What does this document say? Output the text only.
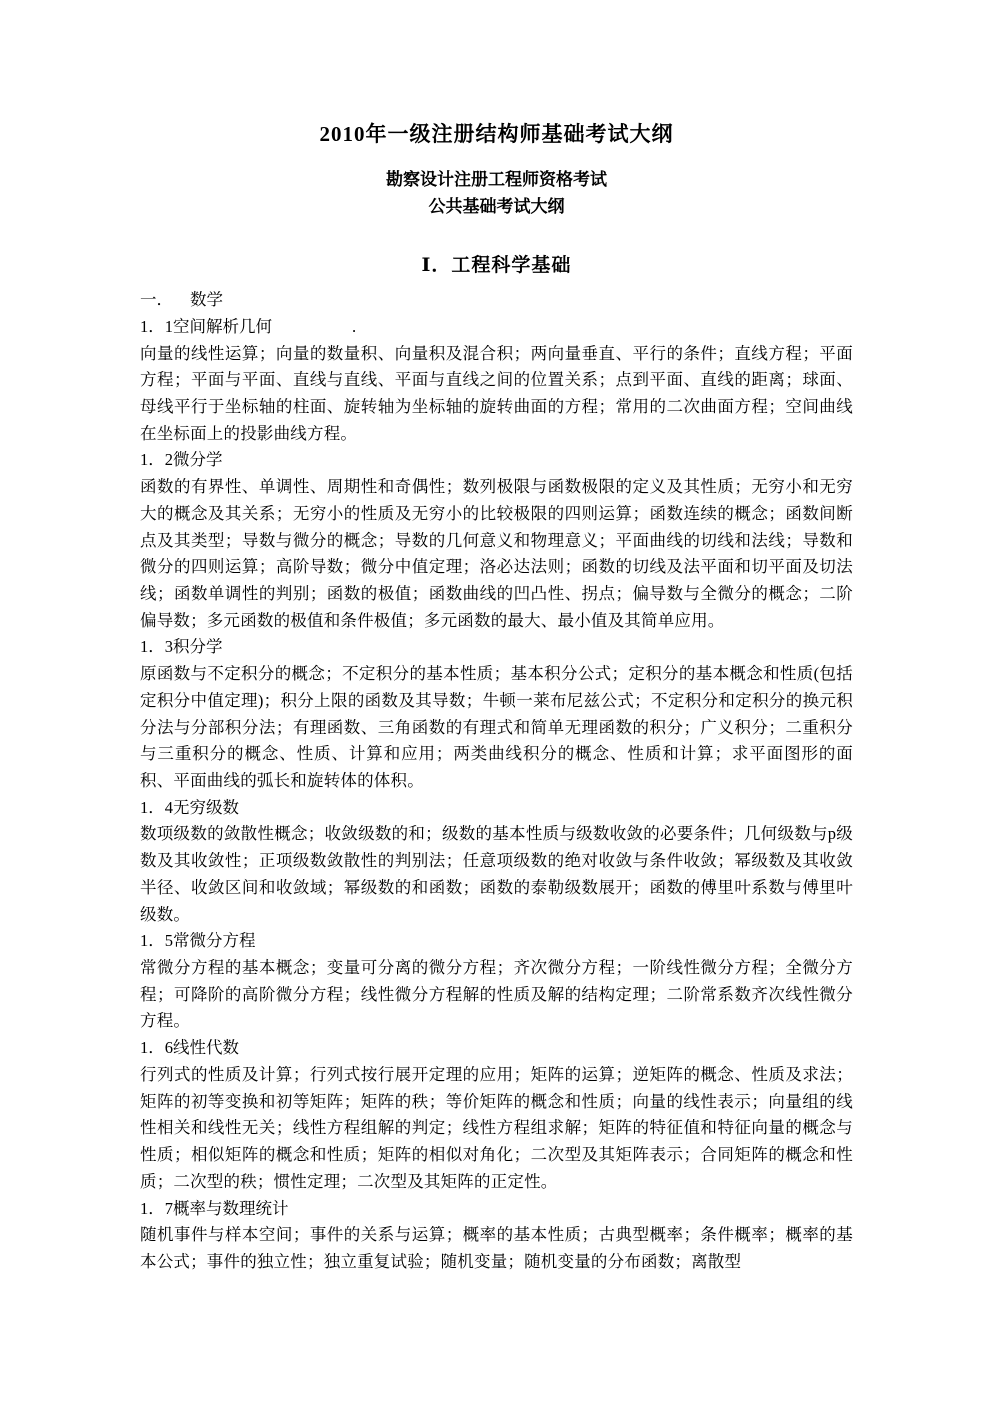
2010年一级注册结构师基础考试大纲
勘察设计注册工程师资格考试
公共基础考试大纲
Ⅰ．工程科学基础

一． 数学

1．1空间解析几何	.

向量的线性运算；向量的数量积、向量积及混合积；两向量垂直、平行的条件；直线方程；平面方程；平面与平面、直线与直线、平面与直线之间的位置关系；点到平面、直线的距离；球面、母线平行于坐标轴的柱面、旋转轴为坐标轴的旋转曲面的方程；常用的二次曲面方程；空间曲线在坐标面上的投影曲线方程。

1．2微分学

函数的有界性、单调性、周期性和奇偶性；数列极限与函数极限的定义及其性质；无穷小和无穷大的概念及其关系；无穷小的性质及无穷小的比较极限的四则运算；函数连续的概念；函数间断点及其类型；导数与微分的概念；导数的几何意义和物理意义；平面曲线的切线和法线；导数和微分的四则运算；高阶导数；微分中值定理；洛必达法则；函数的切线及法平面和切平面及切法线；函数单调性的判别；函数的极值；函数曲线的凹凸性、拐点；偏导数与全微分的概念；二阶偏导数；多元函数的极值和条件极值；多元函数的最大、最小值及其简单应用。

1．3积分学

原函数与不定积分的概念；不定积分的基本性质；基本积分公式；定积分的基本概念和性质(包括定积分中值定理)；积分上限的函数及其导数；牛顿一莱布尼兹公式；不定积分和定积分的换元积分法与分部积分法；有理函数、三角函数的有理式和简单无理函数的积分；广义积分；二重积分与三重积分的概念、性质、计算和应用；两类曲线积分的概念、性质和计算；求平面图形的面积、平面曲线的弧长和旋转体的体积。

1．4无穷级数

数项级数的敛散性概念；收敛级数的和；级数的基本性质与级数收敛的必要条件；几何级数与p级数及其收敛性；正项级数敛散性的判别法；任意项级数的绝对收敛与条件收敛；幂级数及其收敛半径、收敛区间和收敛域；幂级数的和函数；函数的泰勒级数展开；函数的傅里叶系数与傅里叶级数。

1．5常微分方程

常微分方程的基本概念；变量可分离的微分方程；齐次微分方程；一阶线性微分方程；全微分方程；可降阶的高阶微分方程；线性微分方程解的性质及解的结构定理；二阶常系数齐次线性微分方程。

1．6线性代数

行列式的性质及计算；行列式按行展开定理的应用；矩阵的运算；逆矩阵的概念、性质及求法；矩阵的初等变换和初等矩阵；矩阵的秩；等价矩阵的概念和性质；向量的线性表示；向量组的线性相关和线性无关；线性方程组解的判定；线性方程组求解；矩阵的特征值和特征向量的概念与性质；相似矩阵的概念和性质；矩阵的相似对角化；二次型及其矩阵表示；合同矩阵的概念和性质；二次型的秩；惯性定理；二次型及其矩阵的正定性。

1．7概率与数理统计

随机事件与样本空间；事件的关系与运算；概率的基本性质；古典型概率；条件概率；概率的基本公式；事件的独立性；独立重复试验；随机变量；随机变量的分布函数；离散型
